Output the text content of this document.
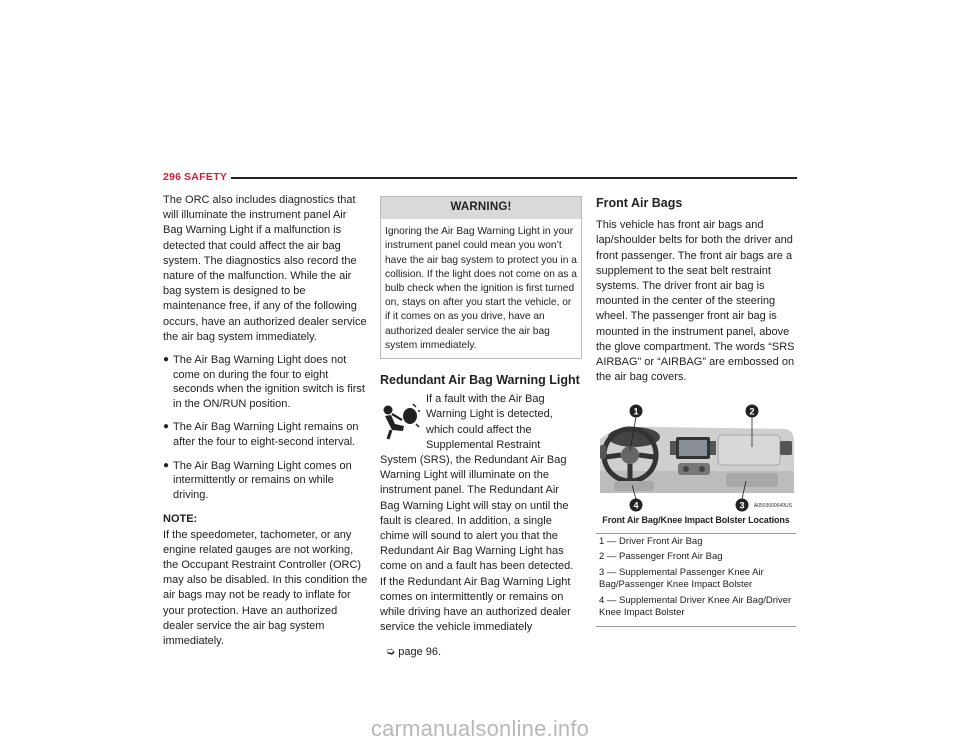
296 SAFETY

The ORC also includes diagnostics that will illuminate the instrument panel Air Bag Warning Light if a malfunction is detected that could affect the air bag system. The diagnostics also record the nature of the malfunction. While the air bag system is designed to be maintenance free, if any of the following occurs, have an authorized dealer service the air bag system immediately.

● The Air Bag Warning Light does not come on during the four to eight seconds when the ignition switch is first in the ON/RUN position.
● The Air Bag Warning Light remains on after the four to eight-second interval.
● The Air Bag Warning Light comes on intermittently or remains on while driving.

NOTE:

If the speedometer, tachometer, or any engine related gauges are not working, the Occupant Restraint Controller (ORC) may also be disabled. In this condition the air bags may not be ready to inflate for your protection. Have an authorized dealer service the air bag system immediately.

WARNING!
Ignoring the Air Bag Warning Light in your instrument panel could mean you won’t have the air bag system to protect you in a collision. If the light does not come on as a bulb check when the ignition is first turned on, stays on after you start the vehicle, or if it comes on as you drive, have an authorized dealer service the air bag system immediately.
Redundant Air Bag Warning Light

If a fault with the Air Bag Warning Light is detected, which could affect the Supplemental Restraint System (SRS), the Redundant Air Bag Warning Light will illuminate on the instrument panel. The Redundant Air Bag Warning Light will stay on until the fault is cleared. In addition, a single chime will sound to alert you that the Redundant Air Bag Warning Light has come on and a fault has been detected. If the Redundant Air Bag Warning Light comes on intermittently or remains on while driving have an authorized dealer service the vehicle immediately

➭ page 96.

Front Air Bags

This vehicle has front air bags and lap/shoulder belts for both the driver and front passenger. The front air bags are a supplement to the seat belt restraint systems. The driver front air bag is mounted in the center of the steering wheel. The passenger front air bag is mounted in the instrument panel, above the glove compartment. The words “SRS AIRBAG” or “AIRBAG” are embossed on the air bag covers.

1	2
3
4	A0503000649US
Front Air Bag/Knee Impact Bolster Locations
1 — Driver Front Air Bag
2 — Passenger Front Air Bag
3 — Supplemental Passenger Knee Air Bag/Passenger Knee Impact Bolster
4 — Supplemental Driver Knee Air Bag/Driver Knee Impact Bolster
carmanualsonline.info
